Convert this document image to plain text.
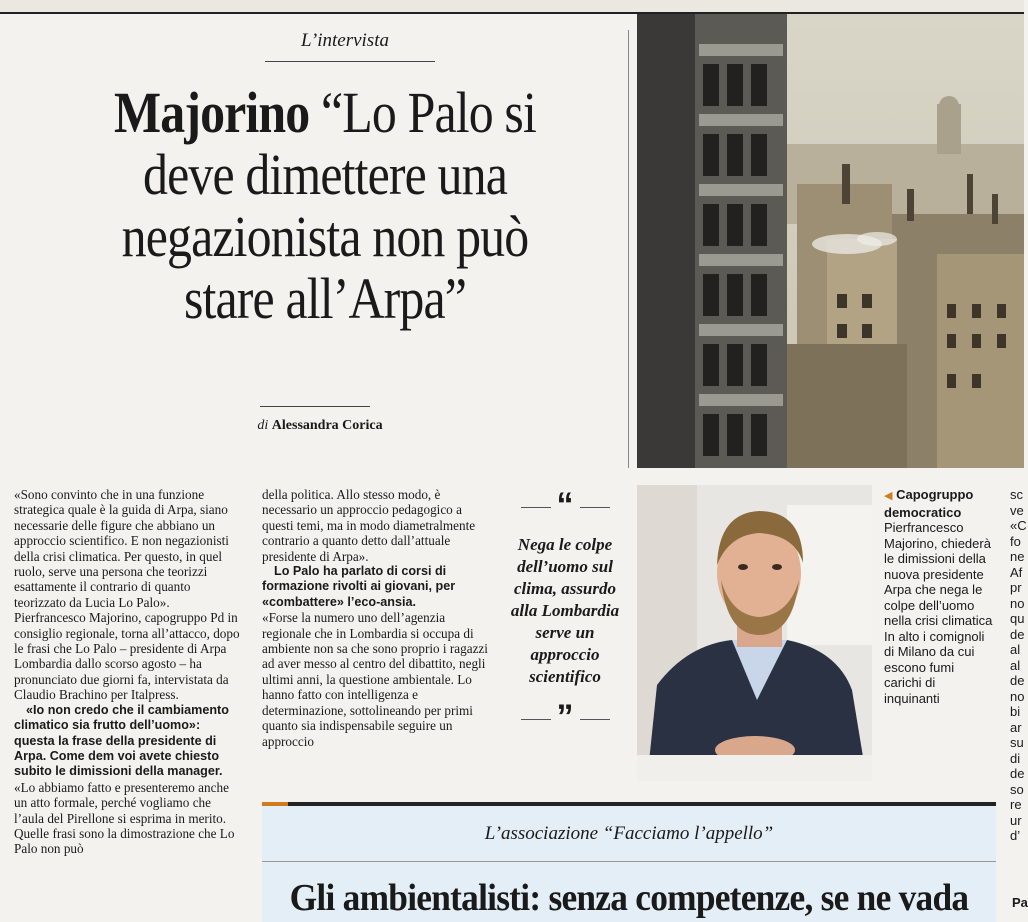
L’intervista
Majorino “Lo Palo si deve dimettere una negazionista non può stare all’Arpa”
di Alessandra Corica

«Sono convinto che in una funzione strategica quale è la guida di Arpa, siano necessarie delle figure che abbiano un approccio scientifico. E non negazionisti della crisi climatica. Per questo, in quel ruolo, serve una persona che teorizzi esattamente il contrario di quanto teorizzato da Lucia Lo Palo». Pierfrancesco Majorino, capogruppo Pd in consiglio regionale, torna all’attacco, dopo le frasi che Lo Palo – presidente di Arpa Lombardia dallo scorso agosto – ha pronunciato due giorni fa, intervistata da Claudio Brachino per Italpress.

«Io non credo che il cambiamento climatico sia frutto dell’uomo»: questa la frase della presidente di Arpa. Come dem voi avete chiesto subito le dimissioni della manager.

«Lo abbiamo fatto e presenteremo anche un atto formale, perché vogliamo che l’aula del Pirellone si esprima in merito. Quelle frasi sono la dimostrazione che Lo Palo non può

della politica. Allo stesso modo, è necessario un approccio pedagogico a questi temi, ma in modo diametralmente contrario a quanto detto dall’attuale presidente di Arpa».

Lo Palo ha parlato di corsi di formazione rivolti ai giovani, per «combattere» l’eco-ansia.

«Forse la numero uno dell’agenzia regionale che in Lombardia si occupa di ambiente non sa che sono proprio i ragazzi ad aver messo al centro del dibattito, negli ultimi anni, la questione ambientale. Lo hanno fatto con intelligenza e determinazione, sottolineando per primi quanto sia indispensabile seguire un approccio

“
Nega le colpe dell’uomo sul clima, assurdo alla Lombardia serve un approccio scientifico
”
◀ Capogruppo democratico
Pierfrancesco Majorino, chiederà le dimissioni della nuova presidente Arpa che nega le colpe dell’uomo nella crisi climatica In alto i comignoli di Milano da cui escono fumi carichi di inquinanti
sc ve «C fo ne Af pr no qu de al al de no bi ar su di de so re ur d’
L’associazione “Facciamo l’appello”
Gli ambientalisti: senza competenze, se ne vada	Pa
